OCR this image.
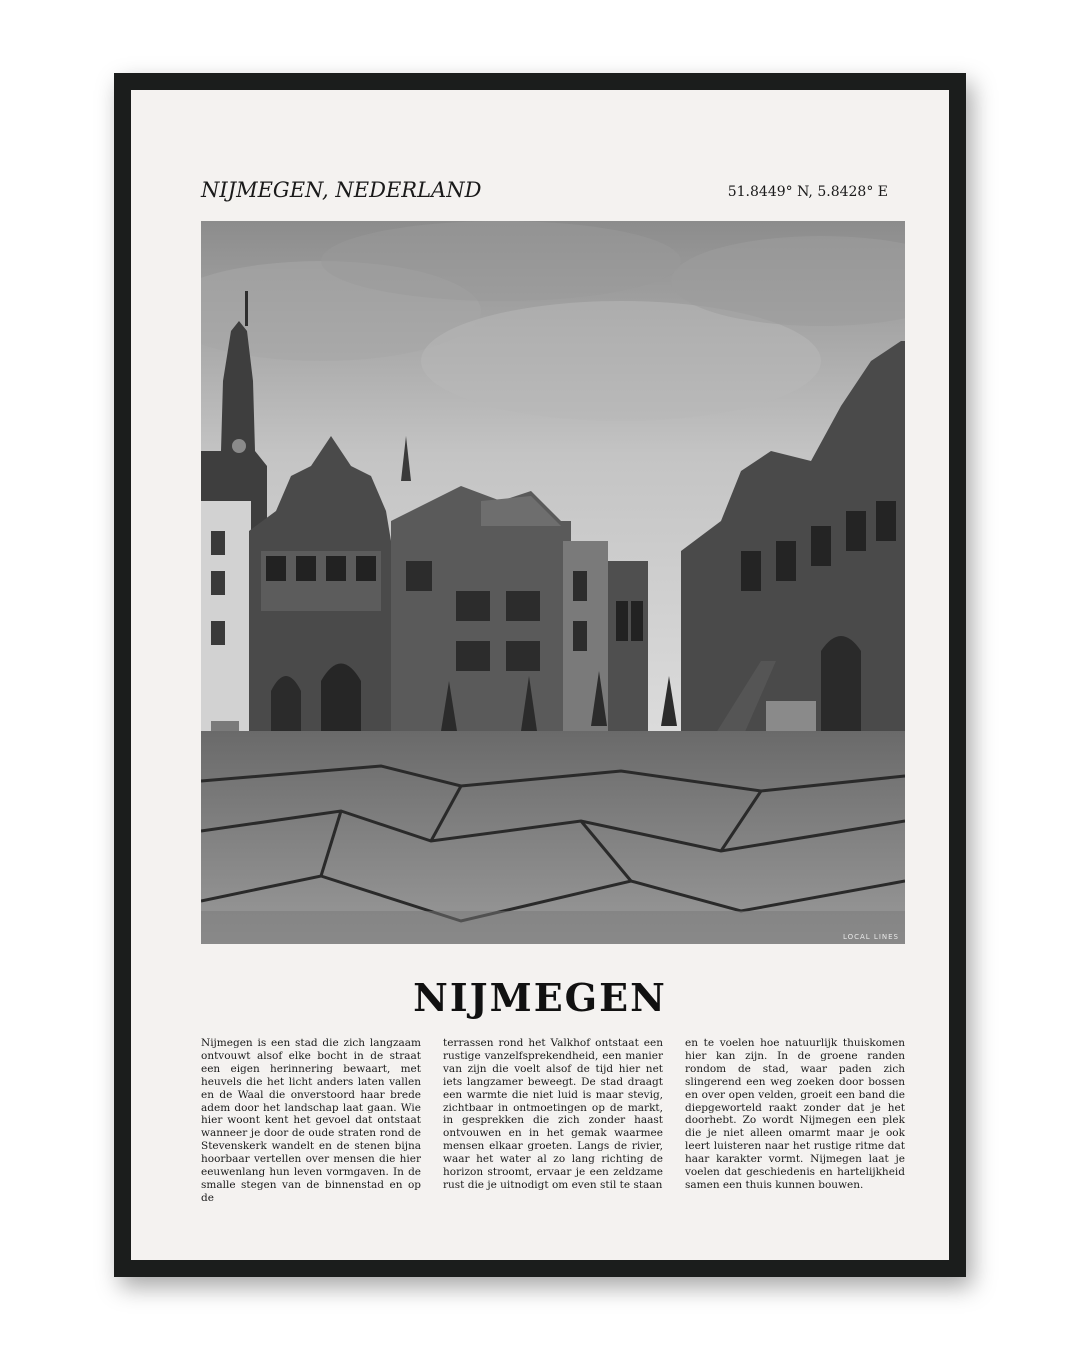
NIJMEGEN, NEDERLAND	51.8449° N, 5.8428° E
LOCAL LINES
NIJMEGEN
Nijmegen is een stad die zich langzaam ontvouwt alsof elke bocht in de straat een eigen herinnering bewaart, met heuvels die het licht anders laten vallen en de Waal die onverstoord haar brede adem door het landschap laat gaan. Wie hier woont kent het gevoel dat ontstaat wanneer je door de oude straten rond de Stevenskerk wandelt en de stenen bijna hoorbaar vertellen over mensen die hier eeuwenlang hun leven vormgaven. In de smalle stegen van de binnenstad en op de
terrassen rond het Valkhof ontstaat een rustige vanzelfsprekendheid, een manier van zijn die voelt alsof de tijd hier net iets langzamer beweegt. De stad draagt een warmte die niet luid is maar stevig, zichtbaar in ontmoetingen op de markt, in gesprekken die zich zonder haast ontvouwen en in het gemak waarmee mensen elkaar groeten. Langs de rivier, waar het water al zo lang richting de horizon stroomt, ervaar je een zeldzame rust die je uitnodigt om even stil te staan
en te voelen hoe natuurlijk thuiskomen hier kan zijn. In de groene randen rondom de stad, waar paden zich slingerend een weg zoeken door bossen en over open velden, groeit een band die diepgeworteld raakt zonder dat je het doorhebt. Zo wordt Nijmegen een plek die je niet alleen omarmt maar je ook leert luisteren naar het rustige ritme dat haar karakter vormt. Nijmegen laat je voelen dat geschiedenis en hartelijkheid samen een thuis kunnen bouwen.
